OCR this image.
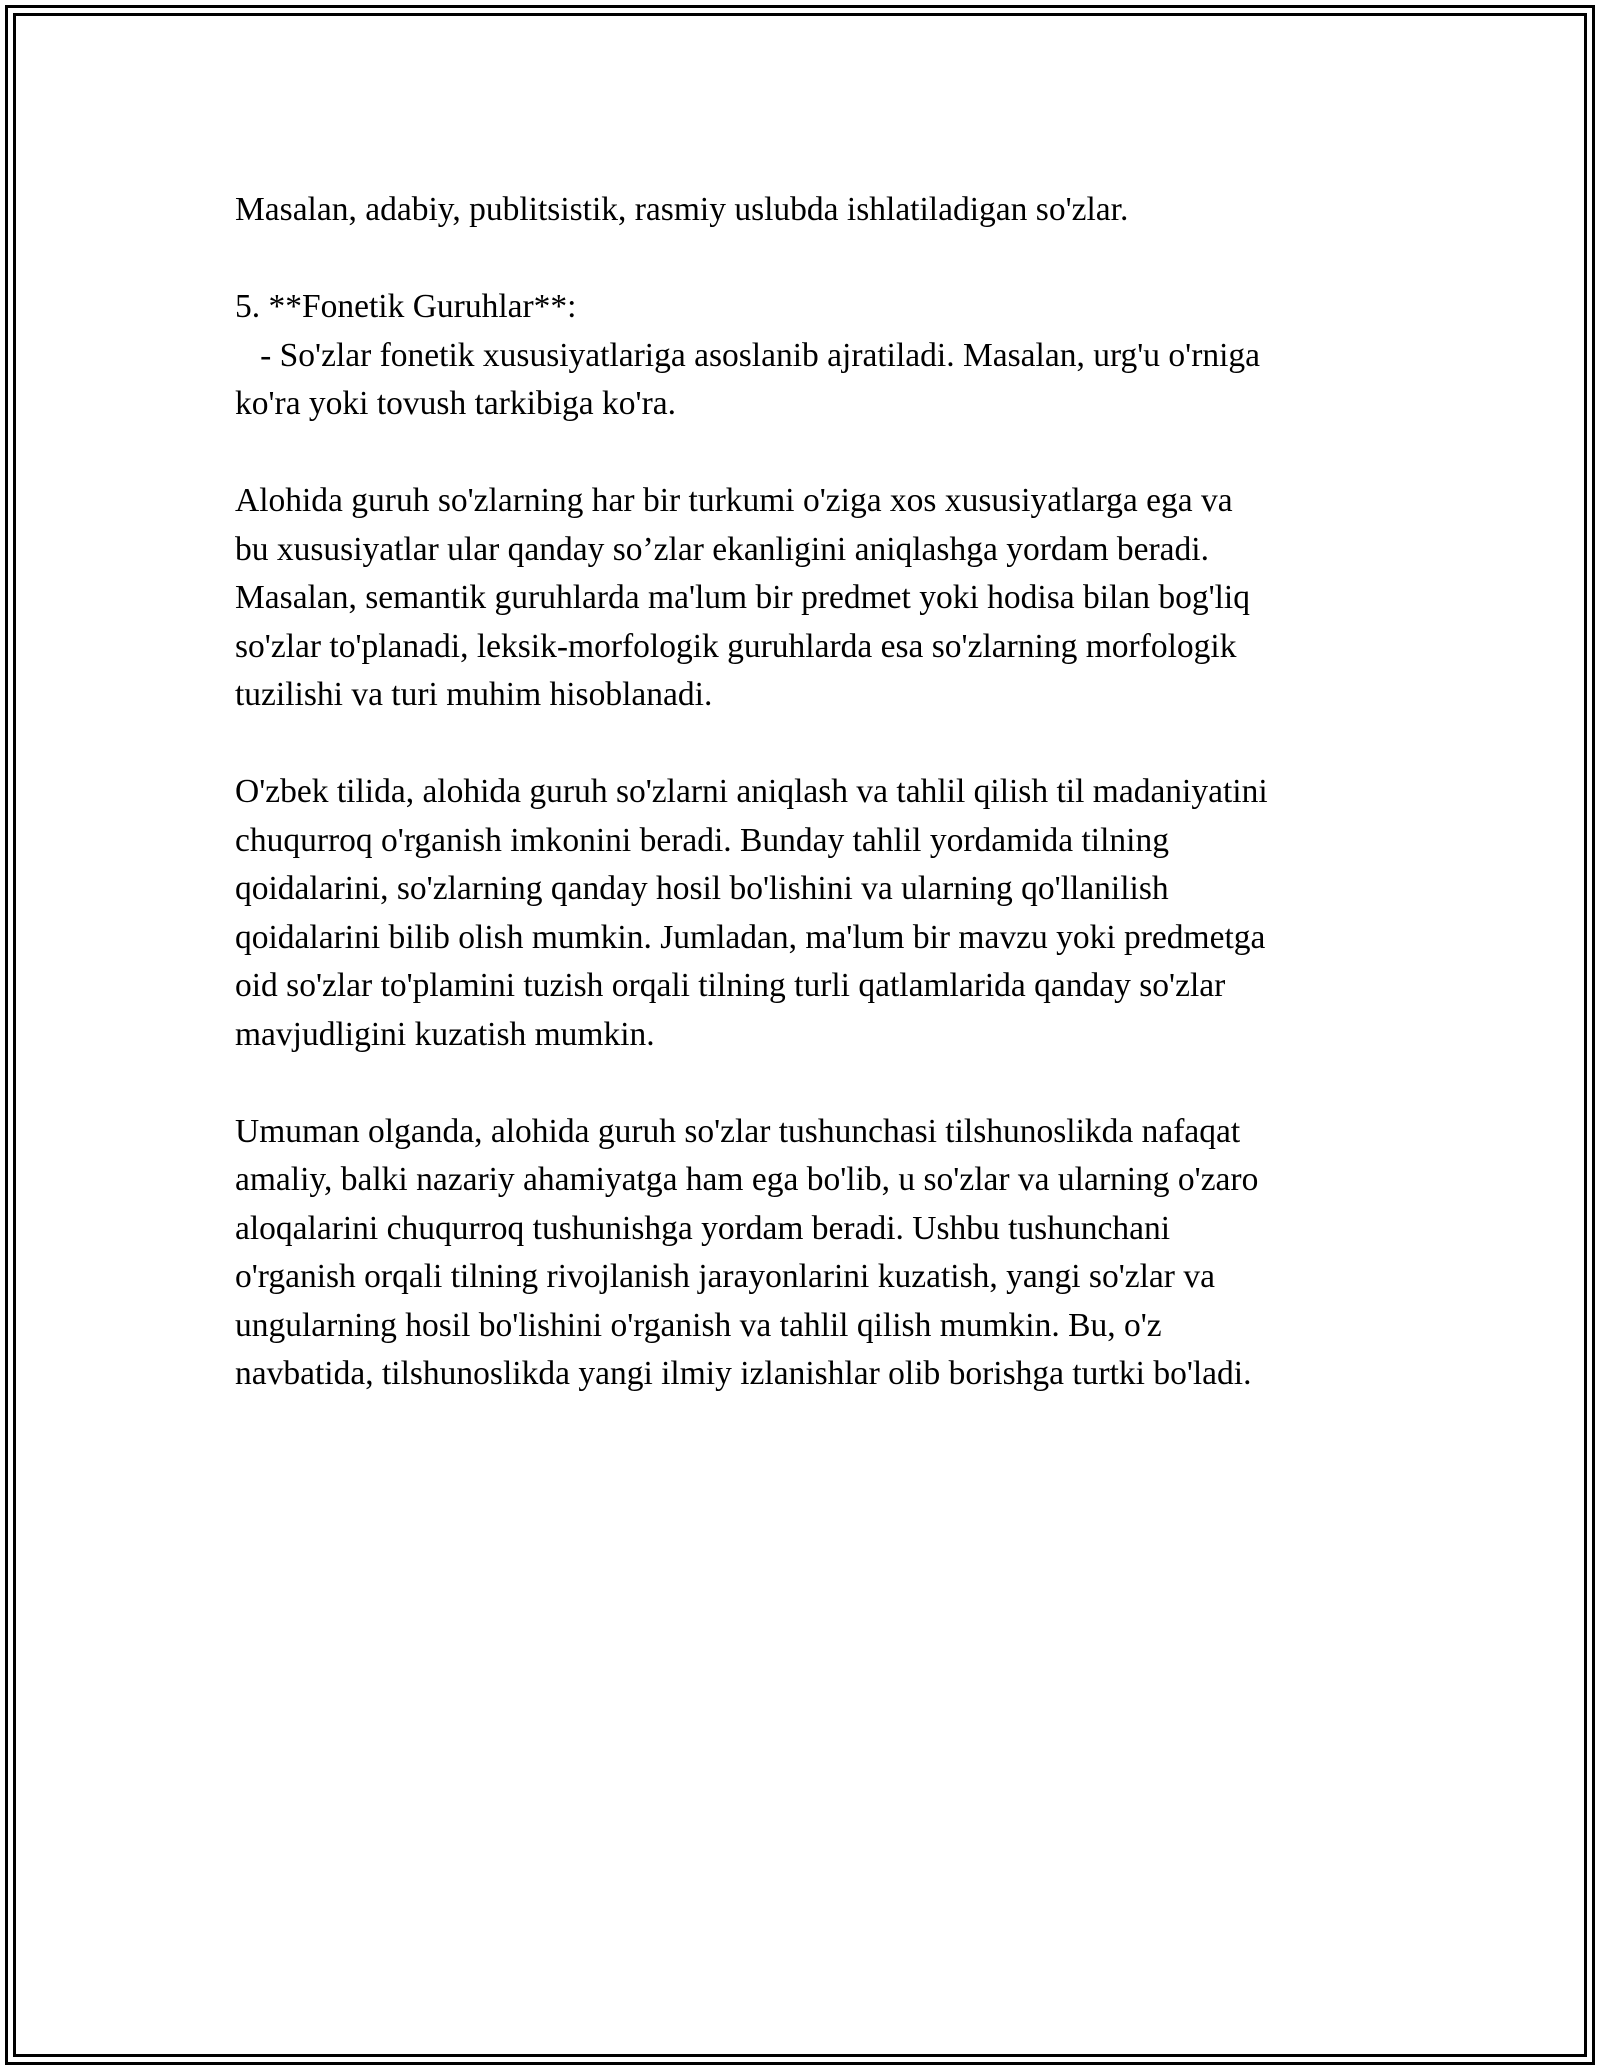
Masalan, adabiy, publitsistik, rasmiy uslubda ishlatiladigan so'zlar.

5. **Fonetik Guruhlar**:
- So'zlar fonetik xususiyatlariga asoslanib ajratiladi. Masalan, urg'u o'rniga
ko'ra yoki tovush tarkibiga ko'ra.

Alohida guruh so'zlarning har bir turkumi o'ziga xos xususiyatlarga ega va
bu xususiyatlar ular qanday so’zlar ekanligini aniqlashga yordam beradi.
Masalan, semantik guruhlarda ma'lum bir predmet yoki hodisa bilan bog'liq
so'zlar to'planadi, leksik-morfologik guruhlarda esa so'zlarning morfologik
tuzilishi va turi muhim hisoblanadi.

O'zbek tilida, alohida guruh so'zlarni aniqlash va tahlil qilish til madaniyatini
chuqurroq o'rganish imkonini beradi. Bunday tahlil yordamida tilning
qoidalarini, so'zlarning qanday hosil bo'lishini va ularning qo'llanilish
qoidalarini bilib olish mumkin. Jumladan, ma'lum bir mavzu yoki predmetga
oid so'zlar to'plamini tuzish orqali tilning turli qatlamlarida qanday so'zlar
mavjudligini kuzatish mumkin.

Umuman olganda, alohida guruh so'zlar tushunchasi tilshunoslikda nafaqat
amaliy, balki nazariy ahamiyatga ham ega bo'lib, u so'zlar va ularning o'zaro
aloqalarini chuqurroq tushunishga yordam beradi. Ushbu tushunchani
o'rganish orqali tilning rivojlanish jarayonlarini kuzatish, yangi so'zlar va
ungularning hosil bo'lishini o'rganish va tahlil qilish mumkin. Bu, o'z
navbatida, tilshunoslikda yangi ilmiy izlanishlar olib borishga turtki bo'ladi.
